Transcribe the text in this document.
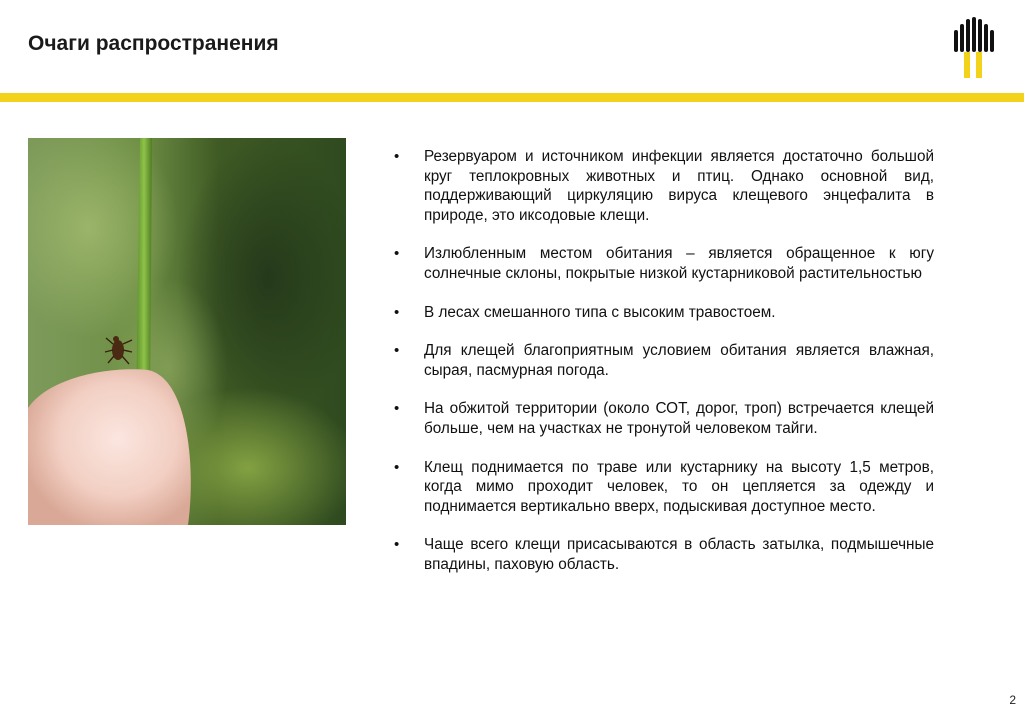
Очаги распространения
• Резервуаром и источником инфекции является достаточно большой круг теплокровных животных и птиц. Однако основной вид, поддерживающий циркуляцию вируса клещевого энцефалита в природе, это иксодовые клещи.
• Излюбленным местом обитания – является обращенное к югу солнечные склоны, покрытые низкой кустарниковой растительностью
• В лесах смешанного типа с высоким травостоем.
• Для клещей благоприятным условием обитания является влажная, сырая, пасмурная погода.
• На обжитой территории (около СОТ, дорог, троп) встречается клещей больше, чем на участках не тронутой человеком тайги.
• Клещ поднимается по траве или кустарнику на высоту 1,5 метров, когда мимо проходит человек, то он цепляется за одежду и поднимается вертикально вверх, подыскивая доступное место.
• Чаще всего клещи присасываются в область затылка, подмышечные впадины, паховую область.
2
